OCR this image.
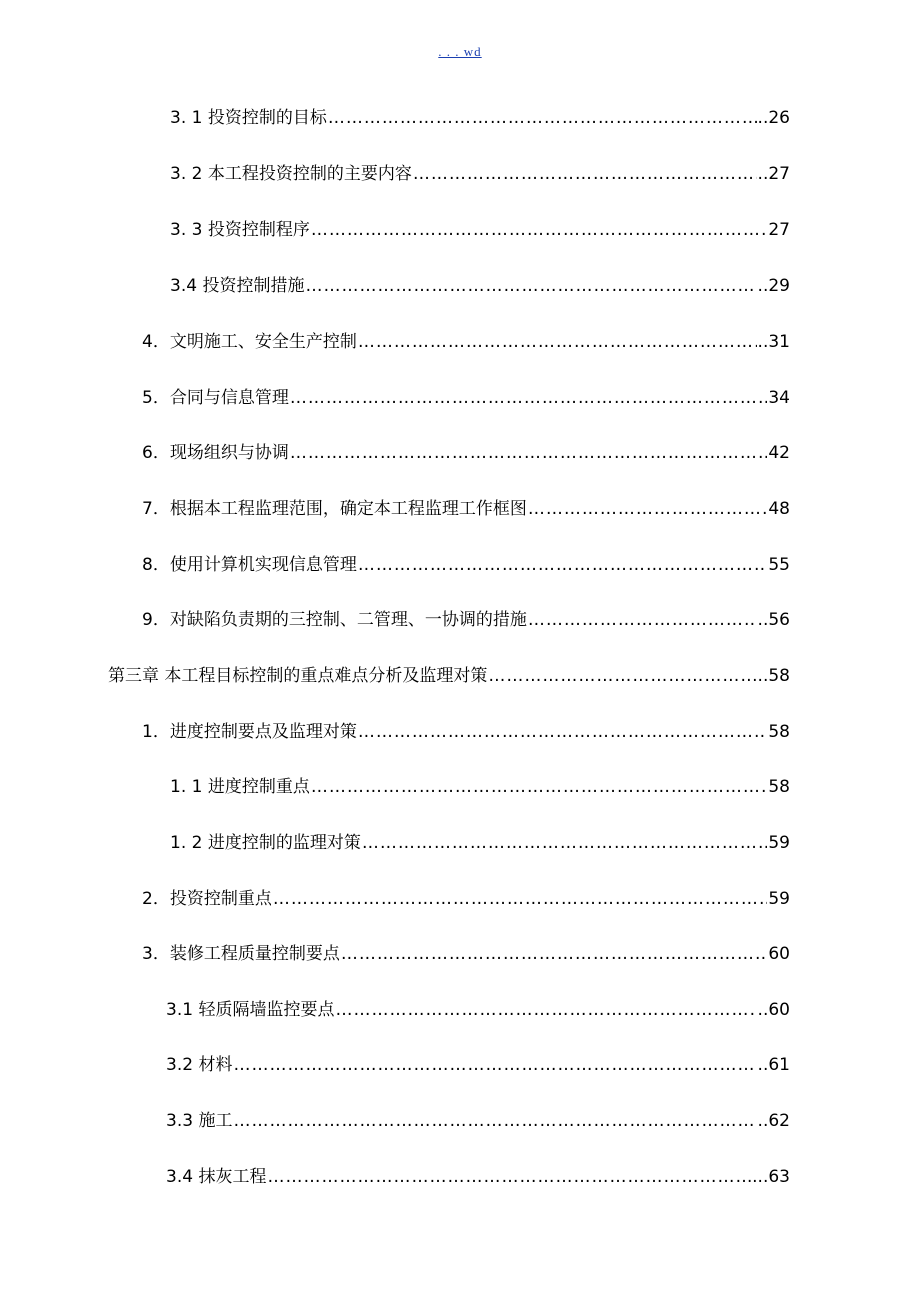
. . . wd
3. 1 投资控制的目标 …………………………………………………………………………………………………………………………………………………………………………………………………………………………	..26
3. 2 本工程投资控制的主要内容 …………………………………………………………………………………………………………………………………………………………………………………………………………………………	..27
3. 3 投资控制程序 …………………………………………………………………………………………………………………………………………………………………………………………………………………………	27
3.4 投资控制措施 …………………………………………………………………………………………………………………………………………………………………………………………………………………………	..29
4．文明施工、安全生产控制 …………………………………………………………………………………………………………………………………………………………………………………………………………………………	..31
5．合同与信息管理 …………………………………………………………………………………………………………………………………………………………………………………………………………………………	34
6．现场组织与协调 …………………………………………………………………………………………………………………………………………………………………………………………………………………………	42
7．根据本工程监理范围，确定本工程监理工作框图 …………………………………………………………………………………………………………………………………………………………………………………………………………………………	48
8．使用计算机实现信息管理 …………………………………………………………………………………………………………………………………………………………………………………………………………………………	55
9．对缺陷负责期的三控制、二管理、一协调的措施 …………………………………………………………………………………………………………………………………………………………………………………………………………………………	..56
第三章 本工程目标控制的重点难点分析及监理对策 …………………………………………………………………………………………………………………………………………………………………………………………………………………………	...58
1．进度控制要点及监理对策 …………………………………………………………………………………………………………………………………………………………………………………………………………………………	58
1. 1 进度控制重点 …………………………………………………………………………………………………………………………………………………………………………………………………………………………	58
1. 2 进度控制的监理对策 …………………………………………………………………………………………………………………………………………………………………………………………………………………………	59
2．投资控制重点 …………………………………………………………………………………………………………………………………………………………………………………………………………………………	59
3．装修工程质量控制要点 …………………………………………………………………………………………………………………………………………………………………………………………………………………………	60
3.1 轻质隔墙监控要点 …………………………………………………………………………………………………………………………………………………………………………………………………………………………	..60
3.2 材料 …………………………………………………………………………………………………………………………………………………………………………………………………………………………	..61
3.3 施工 …………………………………………………………………………………………………………………………………………………………………………………………………………………………	..62
3.4 抹灰工程 …………………………………………………………………………………………………………………………………………………………………………………………………………………………	...63
